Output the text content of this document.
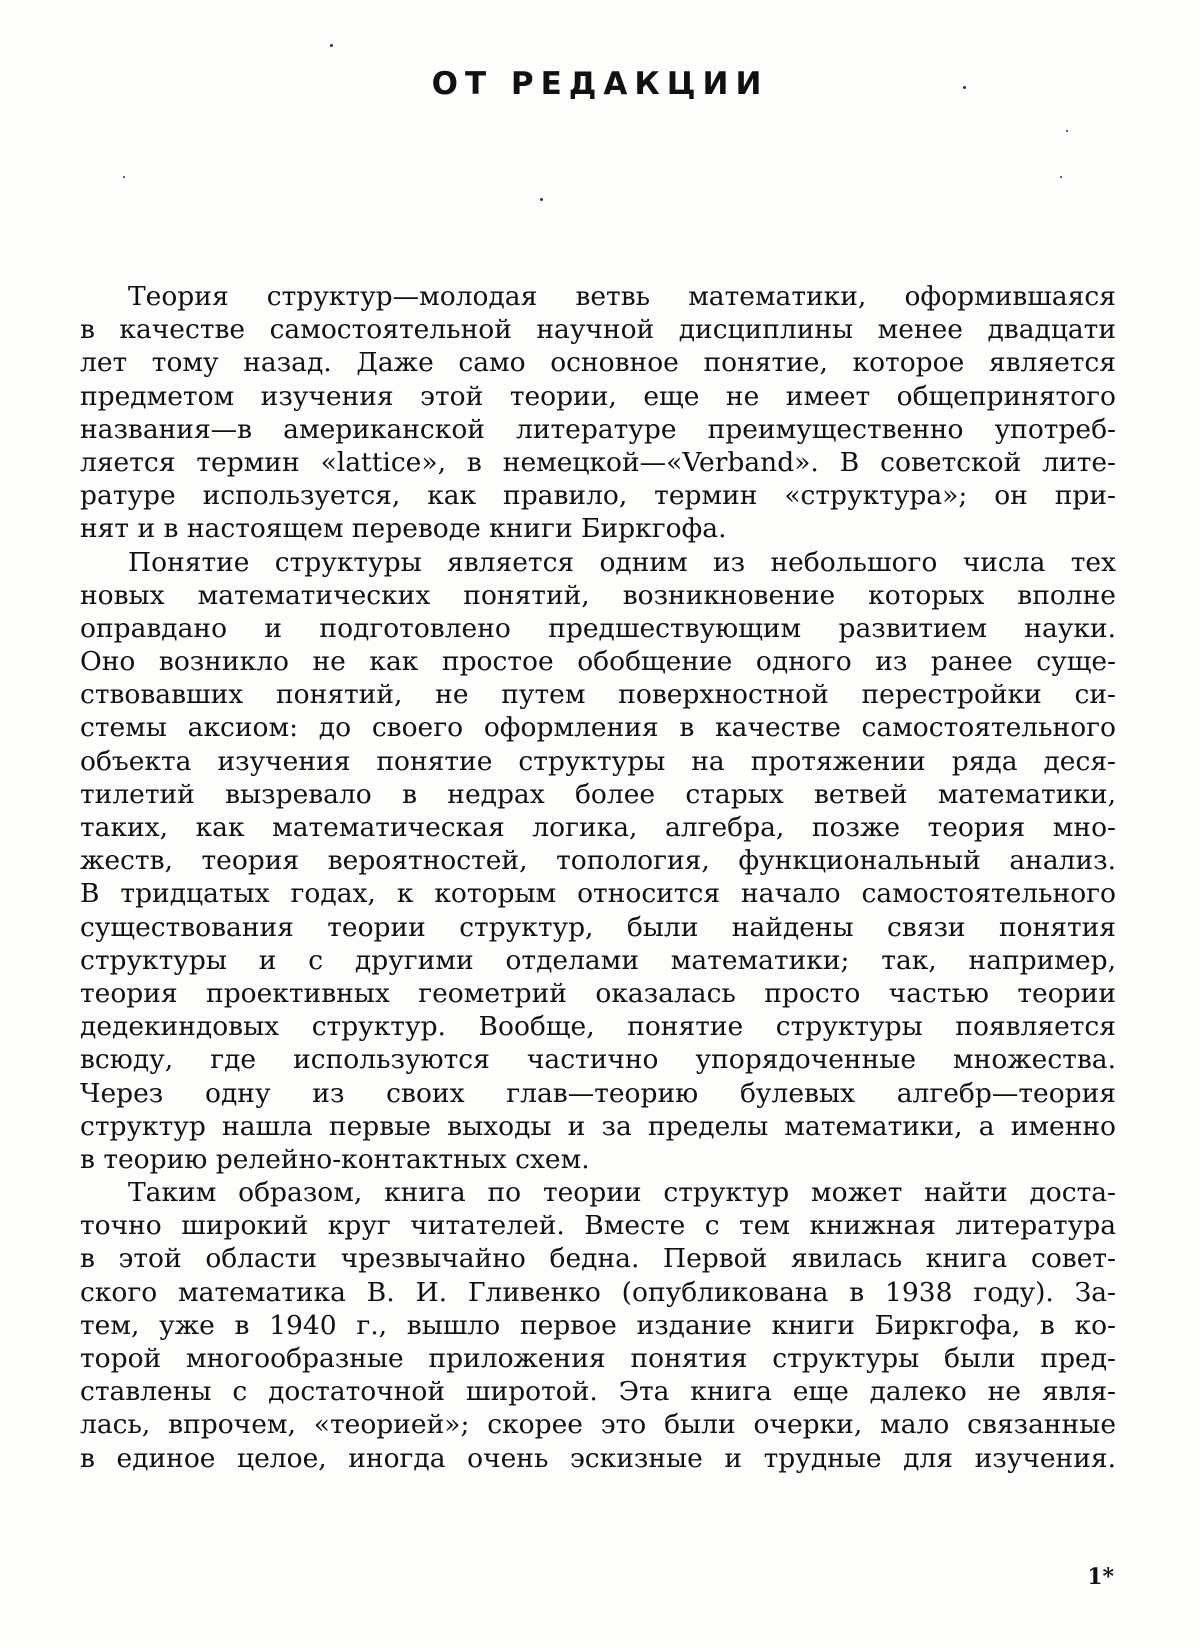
ОТ РЕДАКЦИИ
Теория структур—молодая ветвь математики, оформившаяся
в качестве самостоятельной научной дисциплины менее двадцати
лет тому назад. Даже само основное понятие, которое является
предметом изучения этой теории, еще не имеет общепринятого
названия—в американской литературе преимущественно употреб-
ляется термин «lattice», в немецкой—«Verband». В советской лите-
ратуре используется, как правило, термин «структура»; он при-
нят и в настоящем переводе книги Биркгофа.
Понятие структуры является одним из небольшого числа тех
новых математических понятий, возникновение которых вполне
оправдано и подготовлено предшествующим развитием науки.
Оно возникло не как простое обобщение одного из ранее суще-
ствовавших понятий, не путем поверхностной перестройки си-
стемы аксиом: до своего оформления в качестве самостоятельного
объекта изучения понятие структуры на протяжении ряда деся-
тилетий вызревало в недрах более старых ветвей математики,
таких, как математическая логика, алгебра, позже теория мно-
жеств, теория вероятностей, топология, функциональный анализ.
В тридцатых годах, к которым относится начало самостоятельного
существования теории структур, были найдены связи понятия
структуры и с другими отделами математики; так, например,
теория проективных геометрий оказалась просто частью теории
дедекиндовых структур. Вообще, понятие структуры появляется
всюду, где используются частично упорядоченные множества.
Через одну из своих глав—теорию булевых алгебр—теория
структур нашла первые выходы и за пределы математики, а именно
в теорию релейно-контактных схем.
Таким образом, книга по теории структур может найти доста-
точно широкий круг читателей. Вместе с тем книжная литература
в этой области чрезвычайно бедна. Первой явилась книга совет-
ского математика В. И. Гливенко (опубликована в 1938 году). За-
тем, уже в 1940 г., вышло первое издание книги Биркгофа, в ко-
торой многообразные приложения понятия структуры были пред-
ставлены с достаточной широтой. Эта книга еще далеко не явля-
лась, впрочем, «теорией»; скорее это были очерки, мало связанные
в единое целое, иногда очень эскизные и трудные для изучения.
1*
